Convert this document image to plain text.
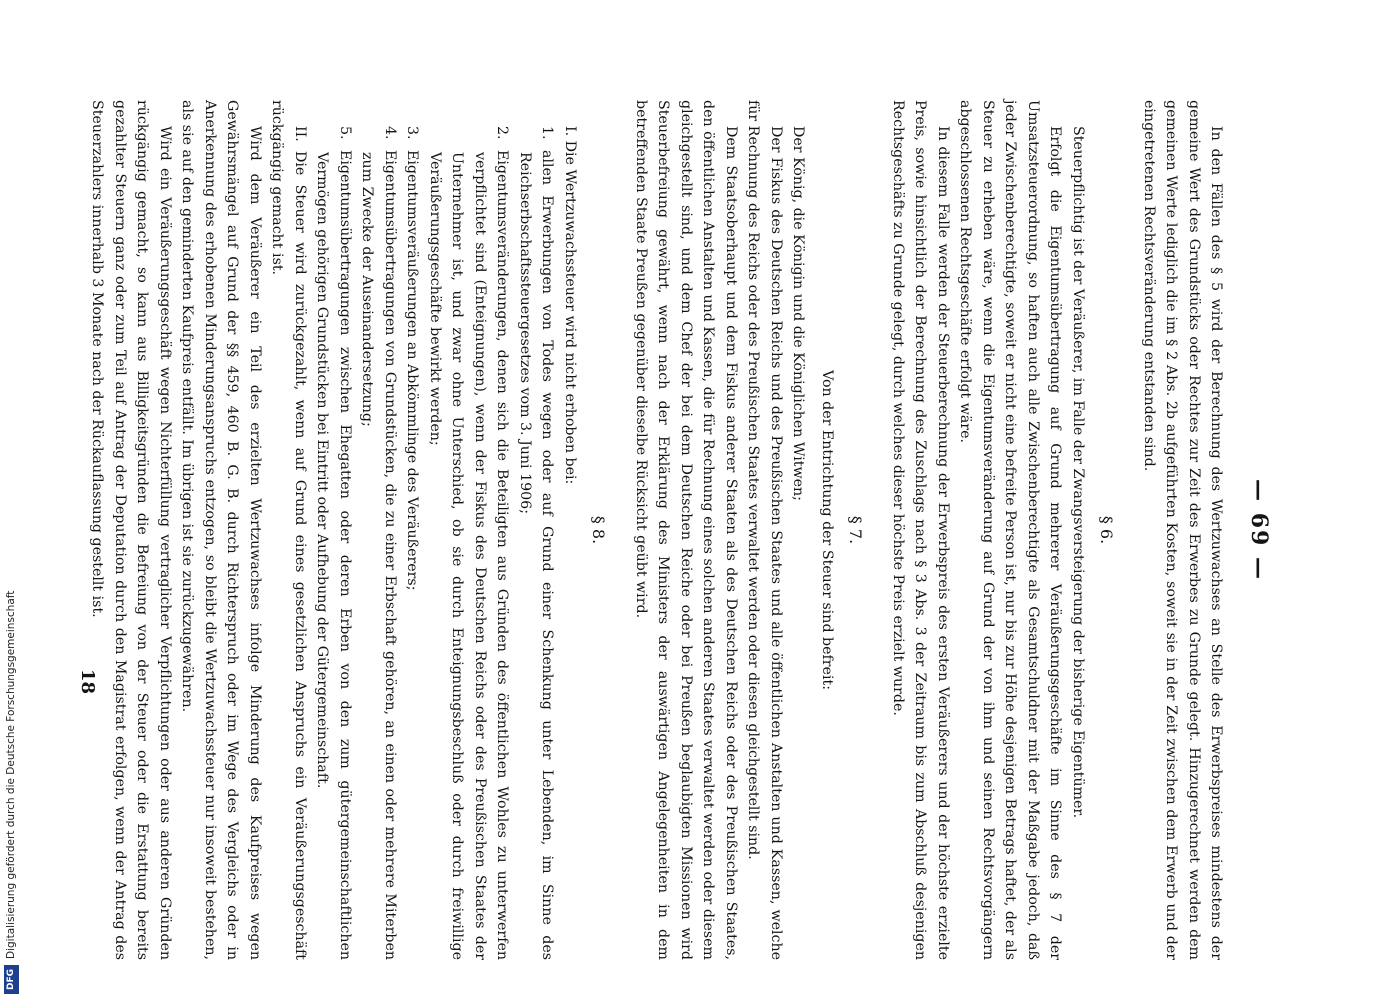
DFG
Digitalisierung gefördert durch die Deutsche Forschungsgemeinschaft
— 69 —

In den Fällen des § 5 wird der Berechnung des Wertzuwachses an Stelle des Erwerbspreises mindestens der gemeine Wert des Grundstücks oder Rechtes zur Zeit des Erwerbes zu Grunde gelegt. Hinzugerechnet werden dem gemeinen Werte lediglich die im § 2 Abs. 2b aufgeführten Kosten, soweit sie in der Zeit zwischen dem Erwerb und der eingetretenen Rechtsveränderung entstanden sind.

§ 6.

Steuerpflichtig ist der Veräußerer, im Falle der Zwangsversteigerung der bisherige Eigentümer.

Erfolgt die Eigentumsübertragung auf Grund mehrerer Veräußerungsgeschäfte im Sinne des § 7 der Umsatzsteuerordnung, so haften auch alle Zwischenberechtigte als Gesamtschuldner mit der Maßgabe jedoch, daß jeder Zwischenberechtigte, soweit er nicht eine befreite Person ist, nur bis zur Höhe desjenigen Betrags haftet, der als Steuer zu erheben wäre, wenn die Eigentumsveränderung auf Grund der von ihm und seinen Rechtsvorgängern abgeschlossenen Rechtsgeschäfte erfolgt wäre.

In diesem Falle werden der Steuerberechnung der Erwerbspreis des ersten Veräußerers und der höchste erzielte Preis, sowie hinsichtlich der Berechnung des Zuschlags nach § 3 Abs. 3 der Zeitraum bis zum Abschluß desjenigen Rechtsgeschäfts zu Grunde gelegt, durch welches dieser höchste Preis erzielt wurde.

§ 7.
Von der Entrichtung der Steuer sind befreit:

Der König, die Königin und die Königlichen Witwen;

Der Fiskus des Deutschen Reichs und des Preußischen Staates und alle öffentlichen Anstalten und Kassen, welche für Rechnung des Reichs oder des Preußischen Staates verwaltet werden oder diesen gleichgestellt sind.

Dem Staatsoberhaupt und dem Fiskus anderer Staaten als des Deutschen Reichs oder des Preußischen Staates, den öffentlichen Anstalten und Kassen, die für Rechnung eines solchen anderen Staates verwaltet werden oder diesem gleichgestellt sind, und dem Chef der bei dem Deutschen Reiche oder bei Preußen beglaubigten Missionen wird Steuerbefreiung gewährt, wenn nach der Erklärung des Ministers der auswärtigen Angelegenheiten in dem betreffenden Staate Preußen gegenüber dieselbe Rücksicht geübt wird.

§ 8.

I. Die Wertzuwachssteuer wird nicht erhoben bei:

1.allen Erwerbungen von Todes wegen oder auf Grund einer Schenkung unter Lebenden, im Sinne des Reichserbschaftssteuergesetzes vom 3. Juni 1906;

2.Eigentumsveränderungen, denen sich die Beteiligten aus Gründen des öffentlichen Wohles zu unterwerfen verpflichtet sind (Enteignungen), wenn der Fiskus des Deutschen Reichs oder des Preußischen Staates der Unternehmer ist, und zwar ohne Unterschied, ob sie durch Enteignungsbeschluß oder durch freiwillige Veräußerungsgeschäfte bewirkt werden;

3.Eigentumsveräußerungen an Abkömmlinge des Veräußerers;

4.Eigentumsübertragungen von Grundstücken, die zu einer Erbschaft gehören, an einen oder mehrere Miterben zum Zwecke der Auseinandersetzung;

5.Eigentumsübertragungen zwischen Ehegatten oder deren Erben von den zum gütergemeinschaftlichen Vermögen gehörigen Grundstücken bei Eintritt oder Aufhebung der Gütergemeinschaft.

II. Die Steuer wird zurückgezahlt, wenn auf Grund eines gesetzlichen Anspruchs ein Veräußerungsgeschäft rückgängig gemacht ist.

Wird dem Veräußerer ein Teil des erzielten Wertzuwachses infolge Minderung des Kaufpreises wegen Gewährsmängel auf Grund der §§ 459, 460 B. G. B. durch Richterspruch oder im Wege des Vergleichs oder in Anerkennung des erhobenen Minderungsanspruchs entzogen, so bleibt die Wertzuwachssteuer nur insoweit bestehen, als sie auf den geminderten Kaufpreis entfällt. Im übrigen ist sie zurückzugewähren.

Wird ein Veräußerungsgeschäft wegen Nichterfüllung vertraglicher Verpflichtungen oder aus anderen Gründen rückgängig gemacht, so kann aus Billigkeitsgründen die Befreiung von der Steuer oder die Erstattung bereits gezahlter Steuern ganz oder zum Teil auf Antrag der Deputation durch den Magistrat erfolgen, wenn der Antrag des Steuerzahlers innerhalb 3 Monate nach der Rückauflassung gestellt ist.

18
